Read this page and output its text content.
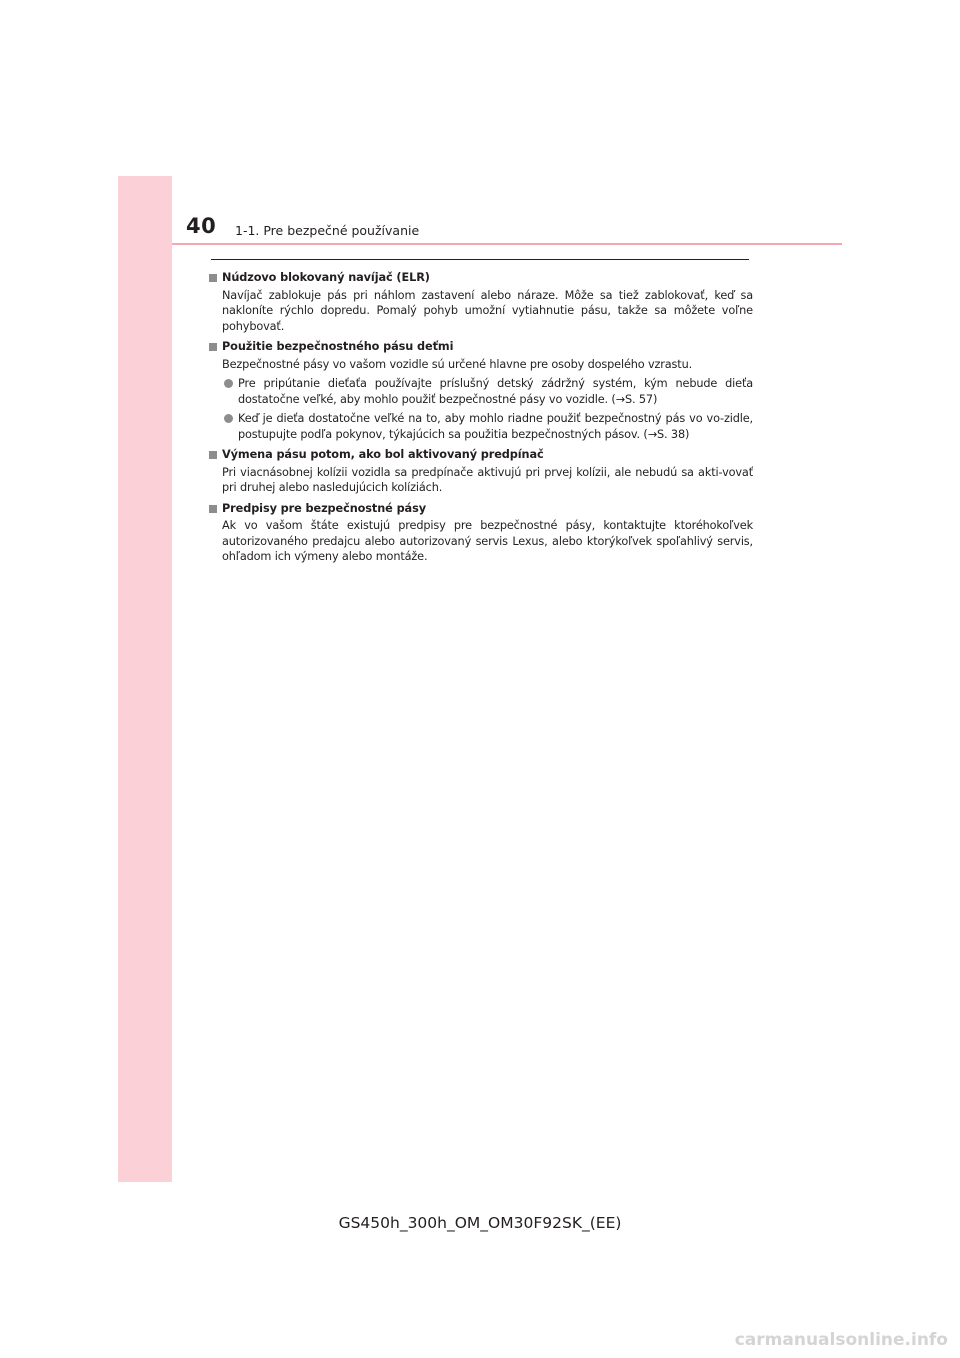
40 1-1. Pre bezpečné používanie
Núdzovo blokovaný navíjač (ELR)
Navíjač zablokuje pás pri náhlom zastavení alebo náraze. Môže sa tiež zablokovať, keď sa nakloníte rýchlo dopredu. Pomalý pohyb umožní vytiahnutie pásu, takže sa môžete voľne pohybovať.
Použitie bezpečnostného pásu deťmi
Bezpečnostné pásy vo vašom vozidle sú určené hlavne pre osoby dospelého vzrastu.
Pre pripútanie dieťaťa používajte príslušný detský zádržný systém, kým nebude dieťa dostatočne veľké, aby mohlo použiť bezpečnostné pásy vo vozidle. (→S. 57)
Keď je dieťa dostatočne veľké na to, aby mohlo riadne použiť bezpečnostný pás vo vo-zidle, postupujte podľa pokynov, týkajúcich sa použitia bezpečnostných pásov. (→S. 38)
Výmena pásu potom, ako bol aktivovaný predpínač
Pri viacnásobnej kolízii vozidla sa predpínače aktivujú pri prvej kolízii, ale nebudú sa akti-vovať pri druhej alebo nasledujúcich kolíziách.
Predpisy pre bezpečnostné pásy
Ak vo vašom štáte existujú predpisy pre bezpečnostné pásy, kontaktujte ktoréhokoľvek autorizovaného predajcu alebo autorizovaný servis Lexus, alebo ktorýkoľvek spoľahlivý servis, ohľadom ich výmeny alebo montáže.
GS450h_300h_OM_OM30F92SK_(EE)
carmanualsonline.info
